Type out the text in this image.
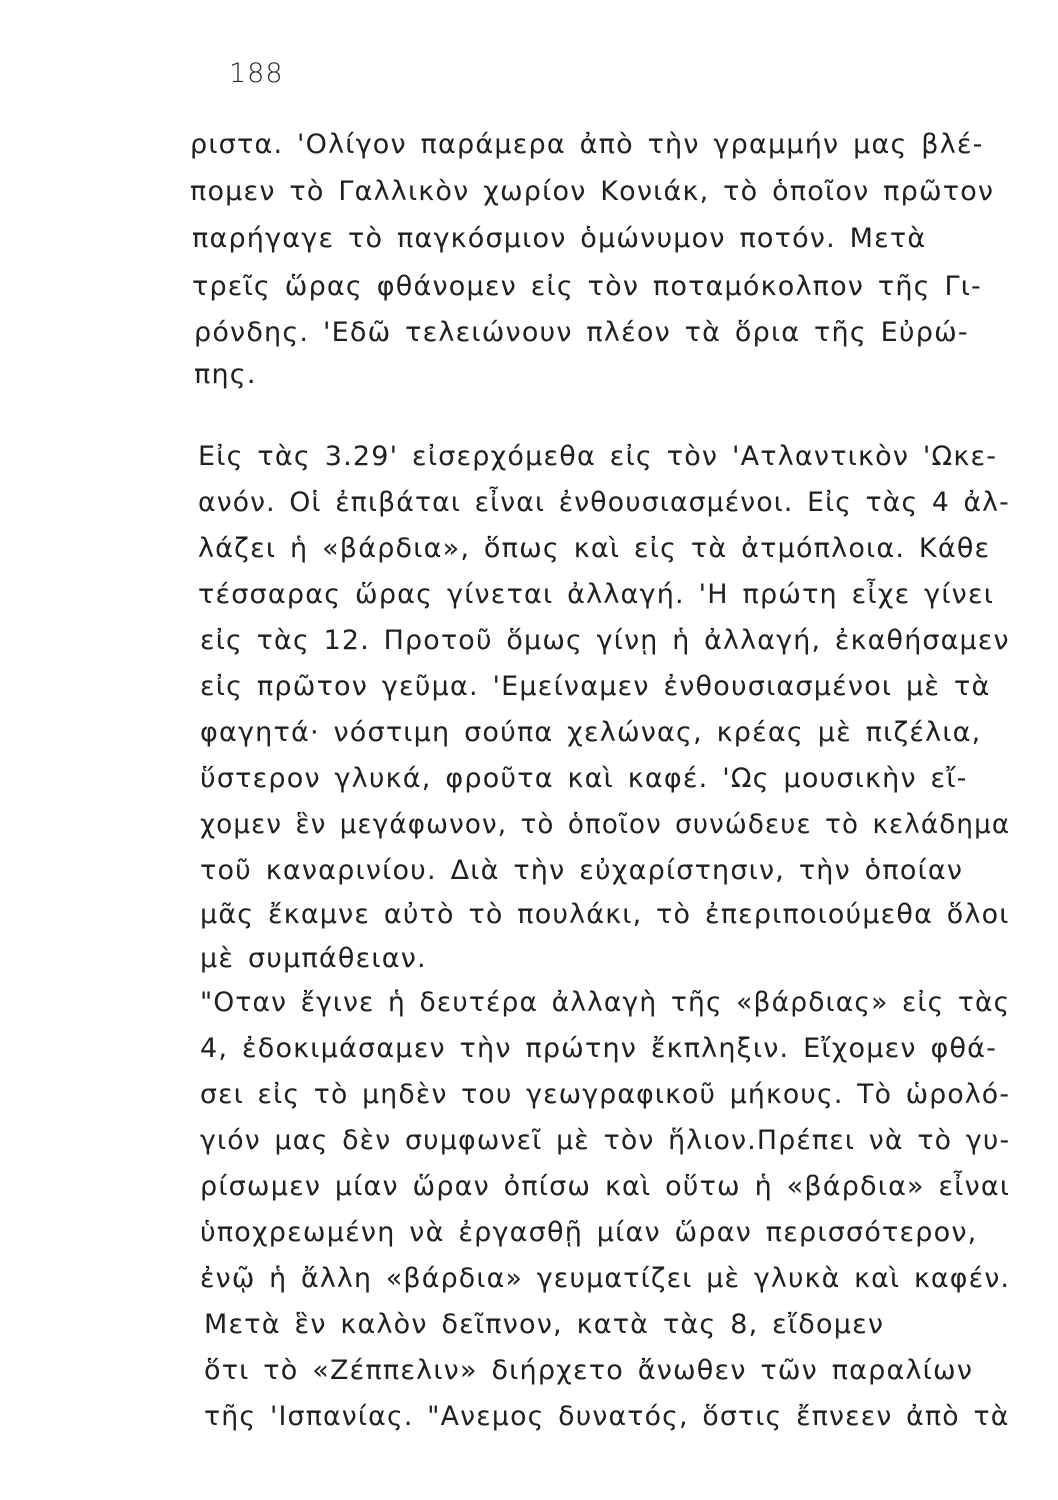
188
ριστα. 'Ολίγον παράμερα ἀπὸ τὴν γραμμήν μας βλέ-
πομεν τὸ Γαλλικὸν χωρίον Κονιάκ, τὸ ὁποῖον πρῶτον
παρήγαγε τὸ παγκόσμιον ὁμώνυμον ποτόν. Μετὰ
τρεῖς ὥρας φθάνομεν εἰς τὸν ποταμόκολπον τῆς Γι-
ρόνδης. 'Εδῶ τελειώνουν πλέον τὰ ὅρια τῆς Εὐρώ-
πης.
Εἰς τὰς 3.29' εἰσερχόμεθα εἰς τὸν 'Ατλαντικὸν 'Ωκε-
ανόν. Οἱ ἐπιβάται εἶναι ἐνθουσιασμένοι. Εἰς τὰς 4 ἀλ-
λάζει ἡ «βάρδια», ὅπως καὶ εἰς τὰ ἀτμόπλοια. Κάθε
τέσσαρας ὥρας γίνεται ἀλλαγή. 'Η πρώτη εἶχε γίνει
εἰς τὰς 12. Προτοῦ ὅμως γίνῃ ἡ ἀλλαγή, ἐκαθήσαμεν
εἰς πρῶτον γεῦμα. 'Εμείναμεν ἐνθουσιασμένοι μὲ τὰ
φαγητά· νόστιμη σούπα χελώνας, κρέας μὲ πιζέλια,
ὕστερον γλυκά, φροῦτα καὶ καφέ. 'Ως μουσικὴν εἴ-
χομεν ἓν μεγάφωνον, τὸ ὁποῖον συνώδευε τὸ κελάδημα
τοῦ καναρινίου. Διὰ τὴν εὐχαρίστησιν, τὴν ὁποίαν
μᾶς ἔκαμνε αὐτὸ τὸ πουλάκι, τὸ ἐπεριποιούμεθα ὅλοι
μὲ συμπάθειαν.
"Οταν ἔγινε ἡ δευτέρα ἀλλαγὴ τῆς «βάρδιας» εἰς τὰς
4, ἐδοκιμάσαμεν τὴν πρώτην ἔκπληξιν. Εἴχομεν φθά-
σει εἰς τὸ μηδὲν του γεωγραφικοῦ μήκους. Τὸ ὡρολό-
γιόν μας δὲν συμφωνεῖ μὲ τὸν ἥλιον.Πρέπει νὰ τὸ γυ-
ρίσωμεν μίαν ὥραν ὀπίσω καὶ οὕτω ἡ «βάρδια» εἶναι
ὑποχρεωμένη νὰ ἐργασθῇ μίαν ὥραν περισσότερον,
ἐνῷ ἡ ἄλλη «βάρδια» γευματίζει μὲ γλυκὰ καὶ καφέν.
Μετὰ ἓν καλὸν δεῖπνον, κατὰ τὰς 8, εἴδομεν
ὅτι τὸ «Ζέππελιν» διήρχετο ἄνωθεν τῶν παραλίων
τῆς 'Ισπανίας. "Ανεμος δυνατός, ὅστις ἔπνεεν ἀπὸ τὰ
